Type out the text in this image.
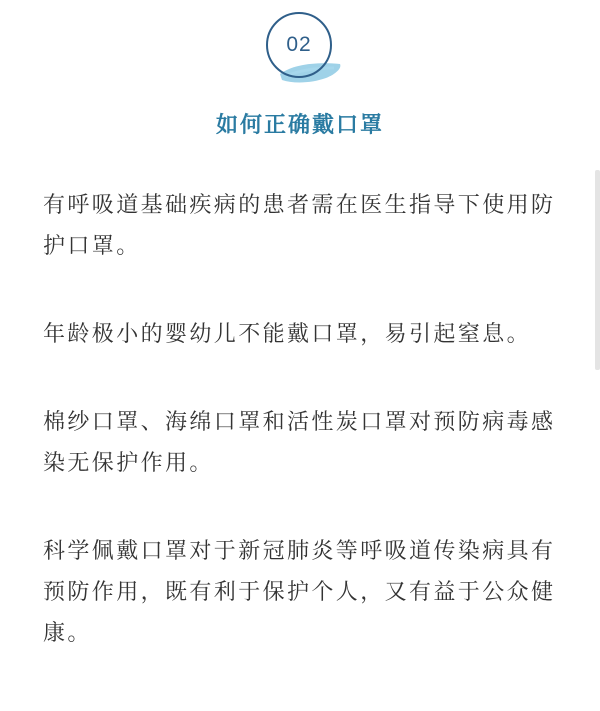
02
如何正确戴口罩

有呼吸道基础疾病的患者需在医生指导下使用防护口罩。

年龄极小的婴幼儿不能戴口罩，易引起窒息。

棉纱口罩、海绵口罩和活性炭口罩对预防病毒感染无保护作用。

科学佩戴口罩对于新冠肺炎等呼吸道传染病具有预防作用，既有利于保护个人，又有益于公众健康。
